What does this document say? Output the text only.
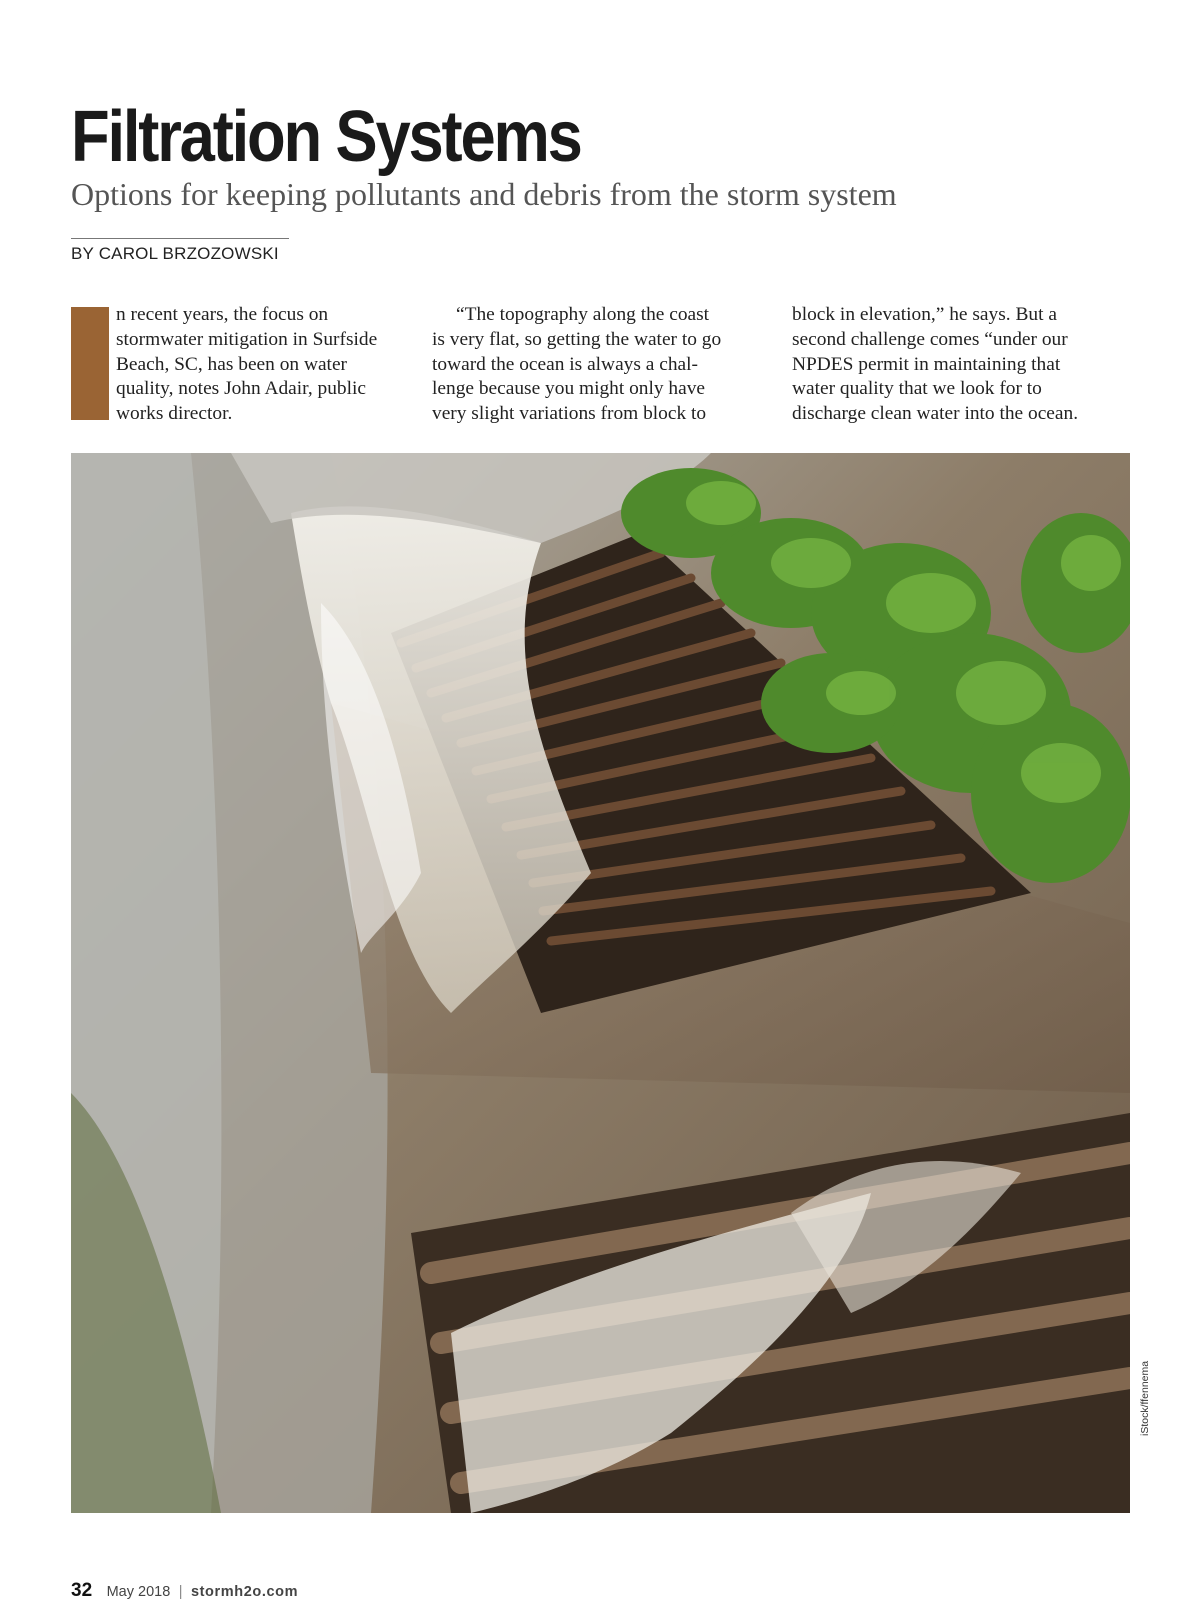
Filtration Systems
Options for keeping pollutants and debris from the storm system
BY CAROL BRZOZOWSKI
n recent years, the focus on
stormwater mitigation in Surfside
Beach, SC, has been on water
quality, notes John Adair, public
works director.
“The topography along the coast
is very flat, so getting the water to go
toward the ocean is always a chal-
lenge because you might only have
very slight variations from block to
block in elevation,” he says. But a
second challenge comes “under our
NPDES permit in maintaining that
water quality that we look for to
discharge clean water into the ocean.
iStock/ffennema
32 May 2018 | stormh2o.com
